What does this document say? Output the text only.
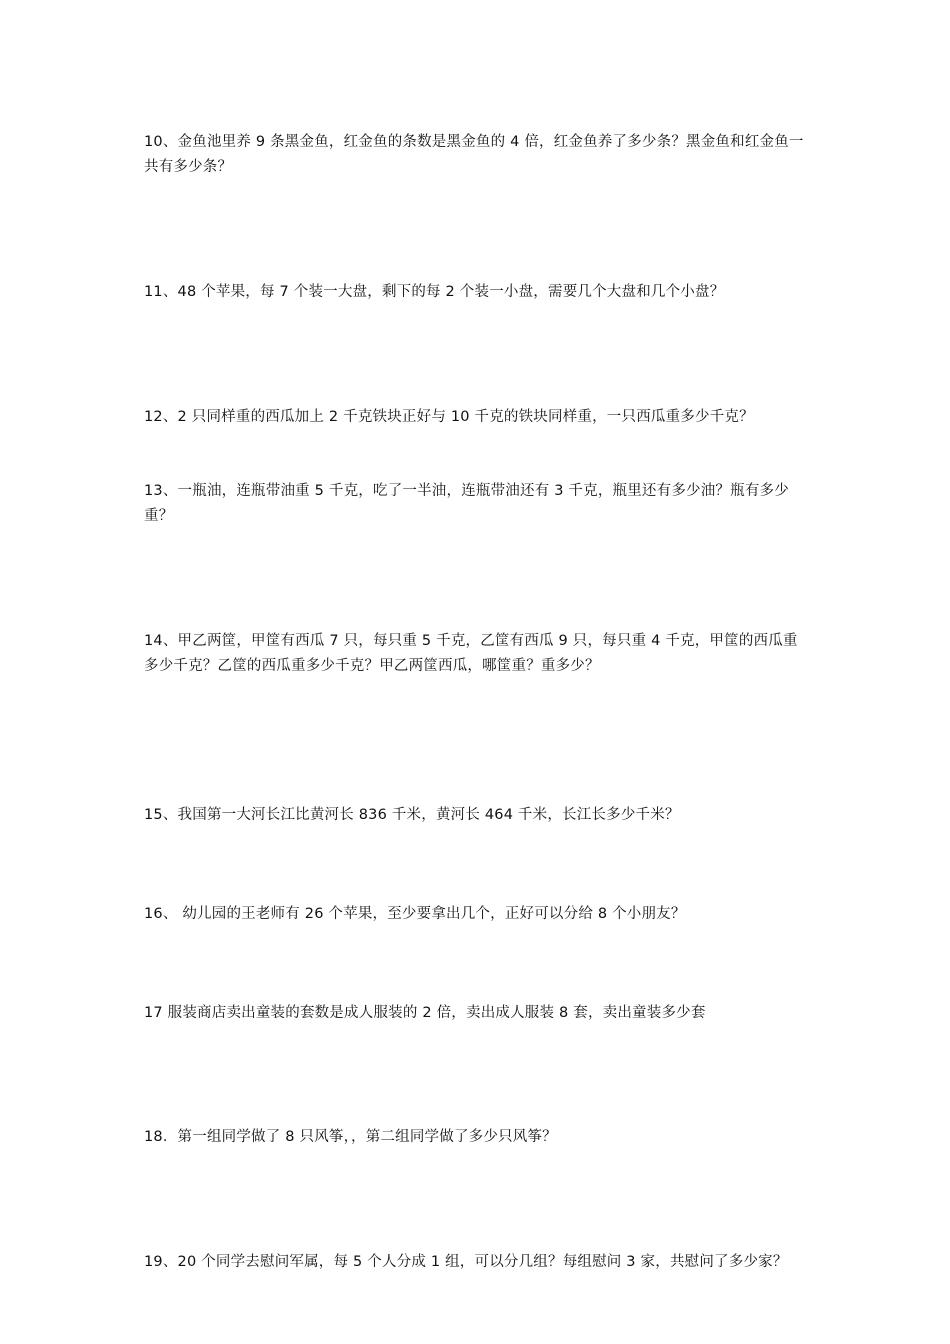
10、金鱼池里养 9 条黑金鱼，红金鱼的条数是黑金鱼的 4 倍，红金鱼养了多少条？黑金鱼和红金鱼一共有多少条？

11、48 个苹果，每 7 个装一大盘，剩下的每 2 个装一小盘，需要几个大盘和几个小盘？

12、2 只同样重的西瓜加上 2 千克铁块正好与 10 千克的铁块同样重，一只西瓜重多少千克？

13、一瓶油，连瓶带油重 5 千克，吃了一半油，连瓶带油还有 3 千克，瓶里还有多少油？瓶有多少重？

14、甲乙两筐，甲筐有西瓜 7 只，每只重 5 千克，乙筐有西瓜 9 只，每只重 4 千克，甲筐的西瓜重多少千克？乙筐的西瓜重多少千克？甲乙两筐西瓜，哪筐重？重多少？

15、我国第一大河长江比黄河长 836 千米，黄河长 464 千米，长江长多少千米？

16、 幼儿园的王老师有 26 个苹果，至少要拿出几个，正好可以分给 8 个小朋友？

17 服装商店卖出童装的套数是成人服装的 2 倍，卖出成人服装 8 套，卖出童装多少套

18．第一组同学做了 8 只风筝，，第二组同学做了多少只风筝？

19、20 个同学去慰问军属，每 5 个人分成 1 组，可以分几组？每组慰问 3 家，共慰问了多少家？
